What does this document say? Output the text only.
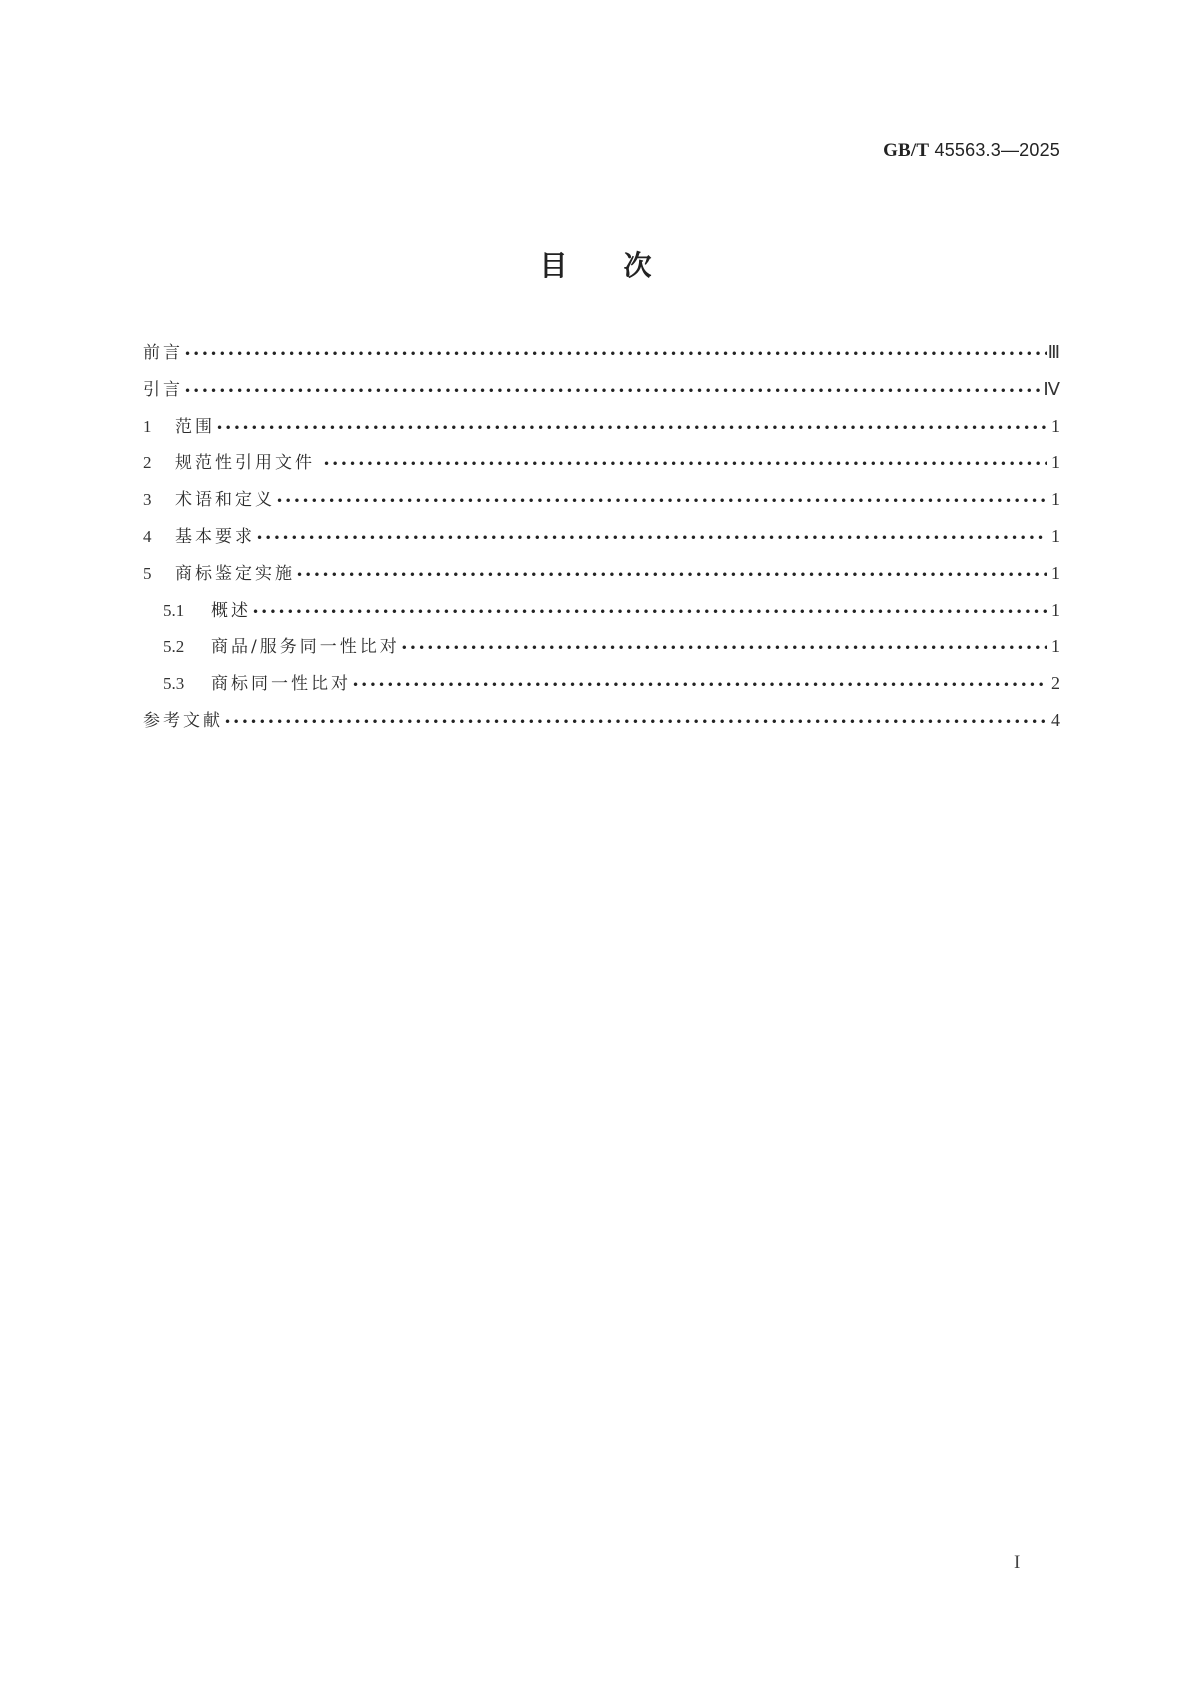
GB/T 45563.3—2025
目次
前言 •••••	Ⅲ
引言 •••••	Ⅳ
1	范围 •••••	1
2	规范性引用文件 •••••	1
3	术语和定义 •••••	1
4	基本要求 •••••	1
5	商标鉴定实施 •••••	1
5.1	概述 •••••	1
5.2	商品/服务同一性比对 •••••	1
5.3	商标同一性比对 •••••	2
参考文献 •••••	4
I
